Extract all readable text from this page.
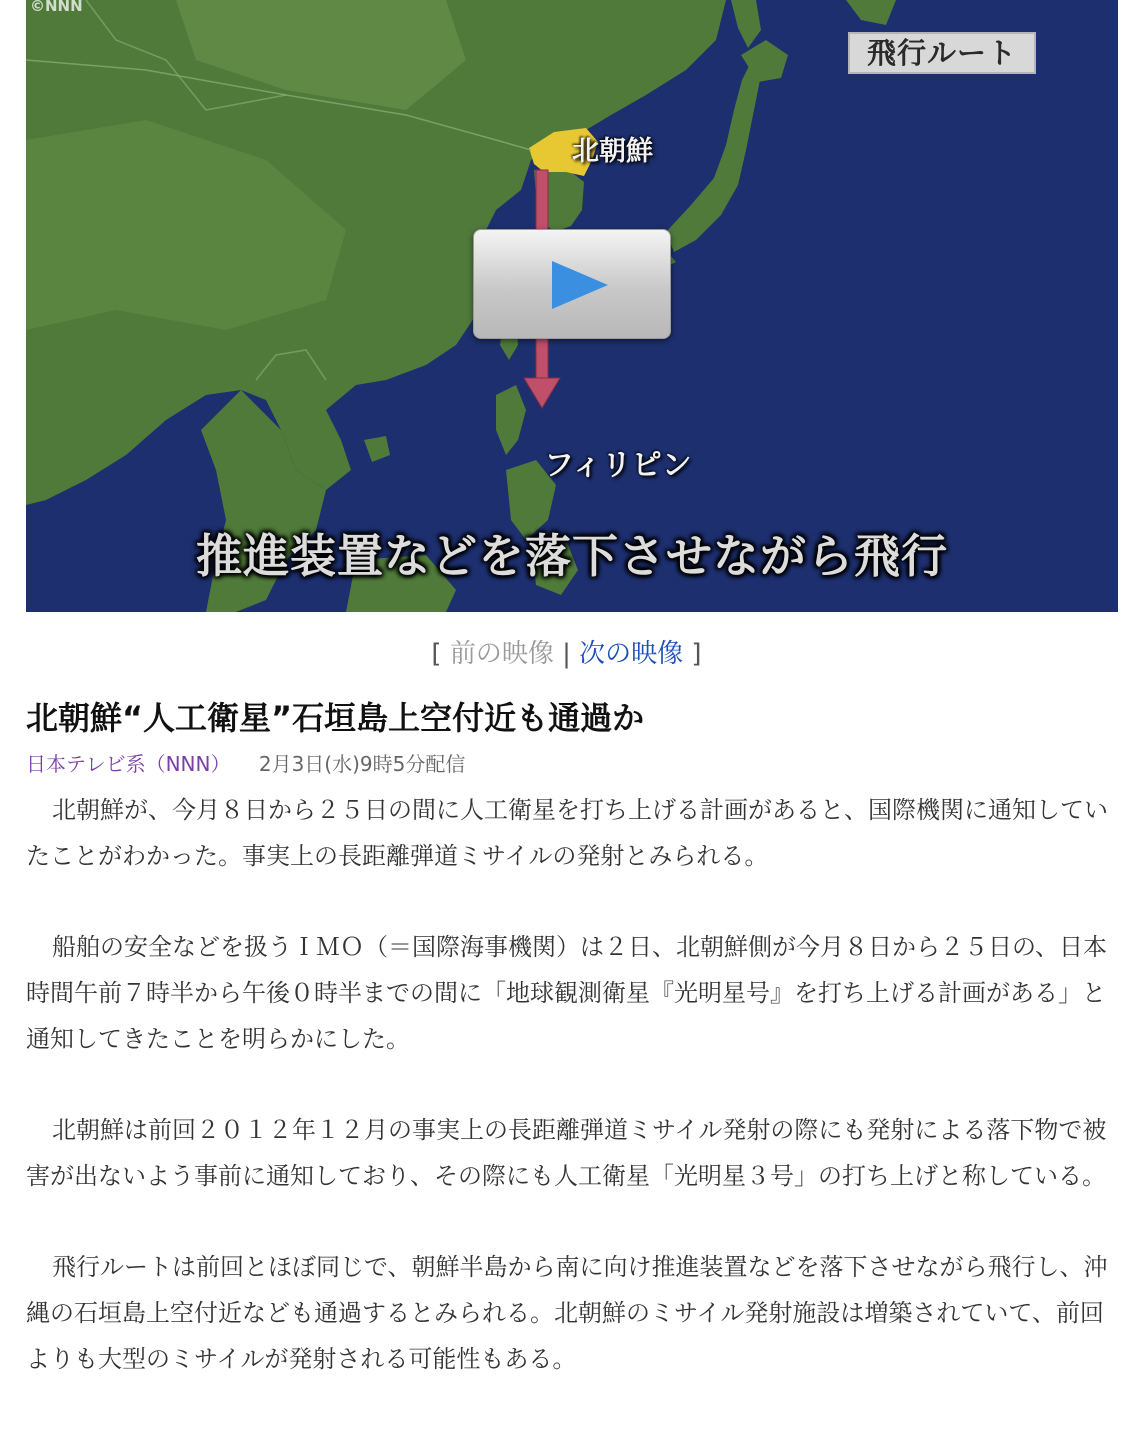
©NNN
飛行ルート
北朝鮮
フィリピン
推進装置などを落下させながら飛行
[ 前の映像 | 次の映像 ]
北朝鮮“人工衛星”石垣島上空付近も通過か
日本テレビ系（NNN） 2月3日(水)9時5分配信

北朝鮮が、今月８日から２５日の間に人工衛星を打ち上げる計画があると、国際機関に通知していたことがわかった。事実上の長距離弾道ミサイルの発射とみられる。

船舶の安全などを扱うＩＭＯ（＝国際海事機関）は２日、北朝鮮側が今月８日から２５日の、日本時間午前７時半から午後０時半までの間に「地球観測衛星『光明星号』を打ち上げる計画がある」と通知してきたことを明らかにした。

北朝鮮は前回２０１２年１２月の事実上の長距離弾道ミサイル発射の際にも発射による落下物で被害が出ないよう事前に通知しており、その際にも人工衛星「光明星３号」の打ち上げと称している。

飛行ルートは前回とほぼ同じで、朝鮮半島から南に向け推進装置などを落下させながら飛行し、沖縄の石垣島上空付近なども通過するとみられる。北朝鮮のミサイル発射施設は増築されていて、前回よりも大型のミサイルが発射される可能性もある。
